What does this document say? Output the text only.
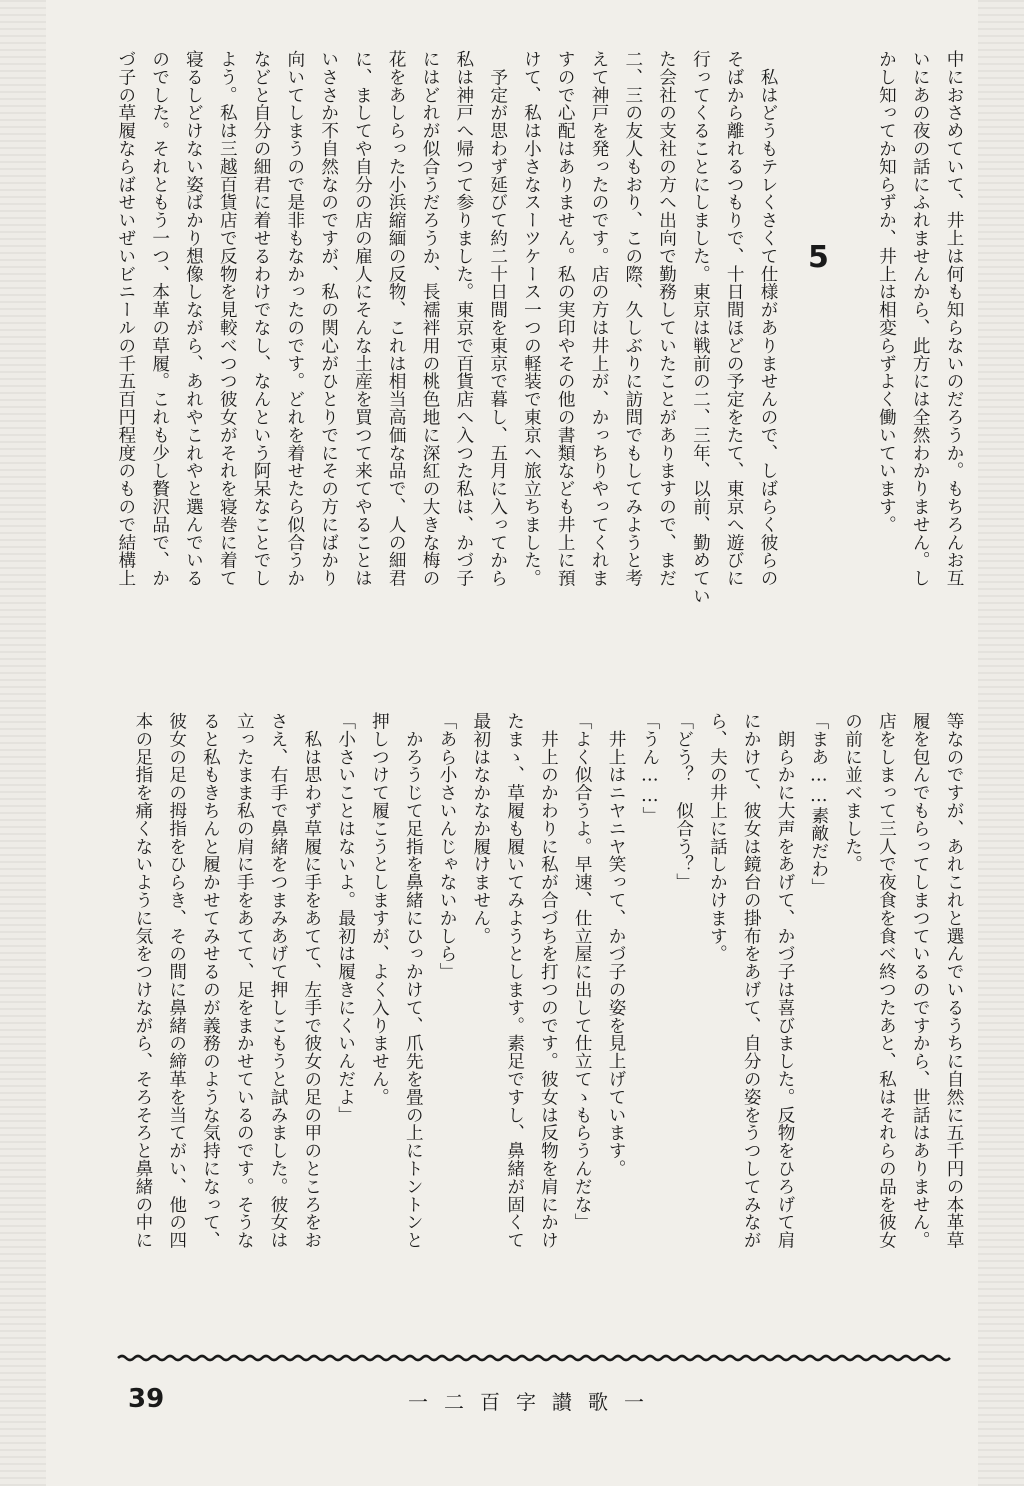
中におさめていて、井上は何も知らないのだろうか。もちろんお互
いにあの夜の話にふれませんから、此方には全然わかりません。し
かし知ってか知らずか、井上は相変らずよく働いています。
5
　私はどうもテレくさくて仕様がありませんので、しばらく彼らの
そばから離れるつもりで、十日間ほどの予定をたて、東京へ遊びに
行ってくることにしました。東京は戦前の二、三年、以前、勤めてい
た会社の支社の方へ出向で勤務していたことがありますので、まだ
二、三の友人もおり、この際、久しぶりに訪問でもしてみようと考
えて神戸を発ったのです。店の方は井上が、かっちりやってくれま
すので心配はありません。私の実印やその他の書類なども井上に預
けて、私は小さなスーツケース一つの軽装で東京へ旅立ちました。
　予定が思わず延びて約二十日間を東京で暮し、五月に入ってから
私は神戸へ帰つて参りました。東京で百貨店へ入つた私は、かづ子
にはどれが似合うだろうか、長襦袢用の桃色地に深紅の大きな梅の
花をあしらった小浜縮緬の反物、これは相当高価な品で、人の細君
に、ましてや自分の店の雇人にそんな土産を買つて来てやることは
いささか不自然なのですが、私の関心がひとりでにその方にばかり
向いてしまうので是非もなかったのです。どれを着せたら似合うか
などと自分の細君に着せるわけでなし、なんという阿呆なことでし
よう。私は三越百貨店で反物を見較べつつ彼女がそれを寝巻に着て
寝るしどけない姿ばかり想像しながら、あれやこれやと選んでいる
のでした。それともう一つ、本革の草履。これも少し贅沢品で、か
づ子の草履ならばせいぜいビニールの千五百円程度のもので結構上
等なのですが、あれこれと選んでいるうちに自然に五千円の本革草
履を包んでもらってしまつているのですから、世話はありません。
店をしまって三人で夜食を食べ終つたあと、私はそれらの品を彼女
の前に並べました。
「まあ……素敵だわ」
　朗らかに大声をあげて、かづ子は喜びました。反物をひろげて肩
にかけて、彼女は鏡台の掛布をあげて、自分の姿をうつしてみなが
ら、夫の井上に話しかけます。
「どう？　似合う？」
「うん……」
　井上はニヤニヤ笑って、かづ子の姿を見上げています。
「よく似合うよ。早速、仕立屋に出して仕立てゝもらうんだな」
　井上のかわりに私が合づちを打つのです。彼女は反物を肩にかけ
たまゝ、草履も履いてみようとします。素足ですし、鼻緒が固くて
最初はなかなか履けません。
「あら小さいんじゃないかしら」
　かろうじて足指を鼻緒にひっかけて、爪先を畳の上にトントンと
押しつけて履こうとしますが、よく入りません。
「小さいことはないよ。最初は履きにくいんだよ」
　私は思わず草履に手をあてて、左手で彼女の足の甲のところをお
さえ、右手で鼻緒をつまみあげて押しこもうと試みました。彼女は
立ったまま私の肩に手をあてて、足をまかせているのです。そうな
ると私もきちんと履かせてみせるのが義務のような気持になって、
彼女の足の拇指をひらき、その間に鼻緒の締革を当てがい、他の四
本の足指を痛くないように気をつけながら、そろそろと鼻緒の中に
39	一二百字讃歌一
